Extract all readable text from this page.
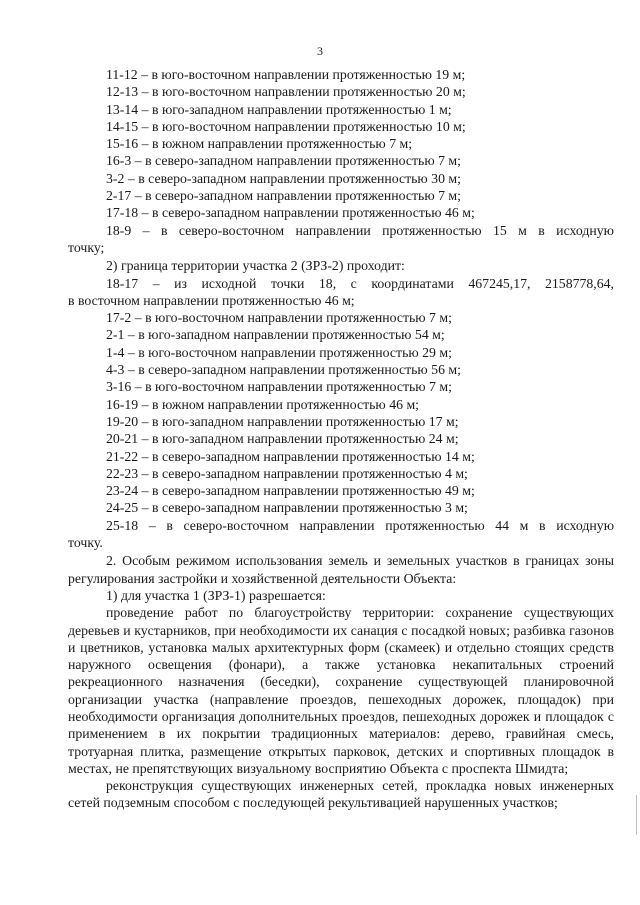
3
11-12 – в юго-восточном направлении протяженностью 19 м;
12-13 – в юго-восточном направлении протяженностью 20 м;
13-14 – в юго-западном направлении протяженностью 1 м;
14-15 – в юго-восточном направлении протяженностью 10 м;
15-16 – в южном направлении протяженностью 7 м;
16-3 – в северо-западном направлении протяженностью 7 м;
3-2 – в северо-западном направлении протяженностью 30 м;
2-17 – в северо-западном направлении протяженностью 7 м;
17-18 – в северо-западном направлении протяженностью 46 м;
18-9 – в северо-восточном направлении протяженностью 15 м в исходную
точку;
2) граница территории участка 2 (ЗРЗ-2) проходит:
18-17 – из исходной точки 18, с координатами 467245,17, 2158778,64,
в восточном направлении протяженностью 46 м;
17-2 – в юго-восточном направлении протяженностью 7 м;
2-1 – в юго-западном направлении протяженностью 54 м;
1-4 – в юго-восточном направлении протяженностью 29 м;
4-3 – в северо-западном направлении протяженностью 56 м;
3-16 – в юго-восточном направлении протяженностью 7 м;
16-19 – в южном направлении протяженностью 46 м;
19-20 – в юго-западном направлении протяженностью 17 м;
20-21 – в юго-западном направлении протяженностью 24 м;
21-22 – в северо-западном направлении протяженностью 14 м;
22-23 – в северо-западном направлении протяженностью 4 м;
23-24 – в северо-западном направлении протяженностью 49 м;
24-25 – в северо-западном направлении протяженностью 3 м;
25-18 – в северо-восточном направлении протяженностью 44 м в исходную
точку.
2. Особым режимом использования земель и земельных участков в границах зоны регулирования застройки и хозяйственной деятельности Объекта:
1) для участка 1 (ЗРЗ-1) разрешается:
проведение работ по благоустройству территории: сохранение существующих деревьев и кустарников, при необходимости их санация с посадкой новых; разбивка газонов и цветников, установка малых архитектурных форм (скамеек) и отдельно стоящих средств наружного освещения (фонари), а также установка некапитальных строений рекреационного назначения (беседки), сохранение существующей планировочной организации участка (направление проездов, пешеходных дорожек, площадок) при необходимости организация дополнительных проездов, пешеходных дорожек и площадок с применением в их покрытии традиционных материалов: дерево, гравийная смесь, тротуарная плитка, размещение открытых парковок, детских и спортивных площадок в местах, не препятствующих визуальному восприятию Объекта с проспекта Шмидта;
реконструкция существующих инженерных сетей, прокладка новых инженерных сетей подземным способом с последующей рекультивацией нарушенных участков;
